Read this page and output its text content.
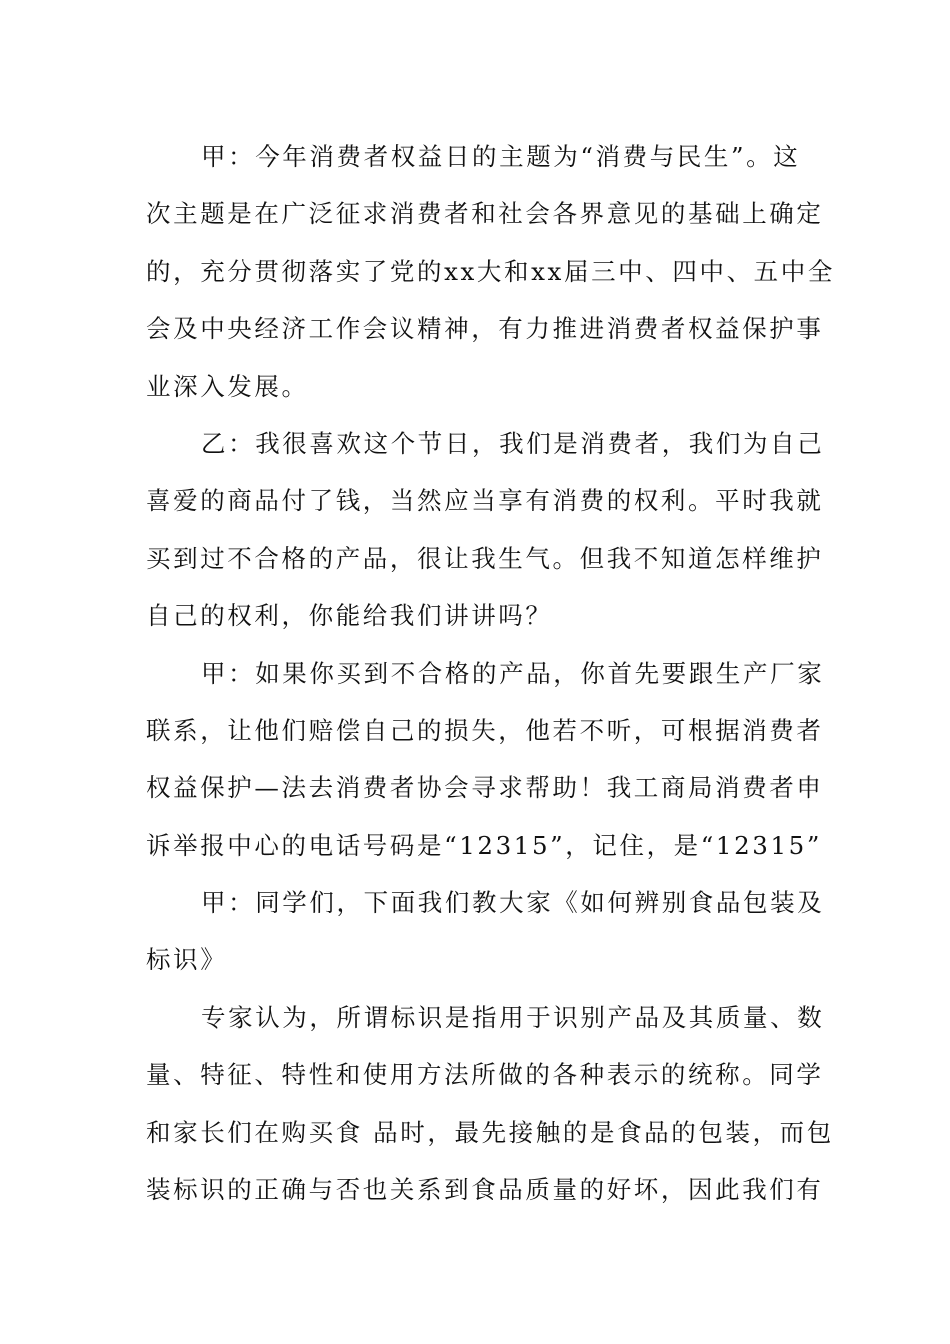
甲：今年消费者权益日的主题为“消费与民生”。这
次主题是在广泛征求消费者和社会各界意见的基础上确定
的，充分贯彻落实了党的xx大和xx届三中、四中、五中全
会及中央经济工作会议精神，有力推进消费者权益保护事
业深入发展。
乙：我很喜欢这个节日，我们是消费者，我们为自己
喜爱的商品付了钱，当然应当享有消费的权利。平时我就
买到过不合格的产品，很让我生气。但我不知道怎样维护
自己的权利，你能给我们讲讲吗？
甲：如果你买到不合格的产品，你首先要跟生产厂家
联系，让他们赔偿自己的损失，他若不听，可根据消费者
权益保护—法去消费者协会寻求帮助！我工商局消费者申
诉举报中心的电话号码是“12315”，记住，是“12315”
甲：同学们，下面我们教大家《如何辨别食品包装及
标识》
专家认为，所谓标识是指用于识别产品及其质量、数
量、特征、特性和使用方法所做的各种表示的统称。同学
和家长们在购买食 品时，最先接触的是食品的包装，而包
装标识的正确与否也关系到食品质量的好坏，因此我们有
